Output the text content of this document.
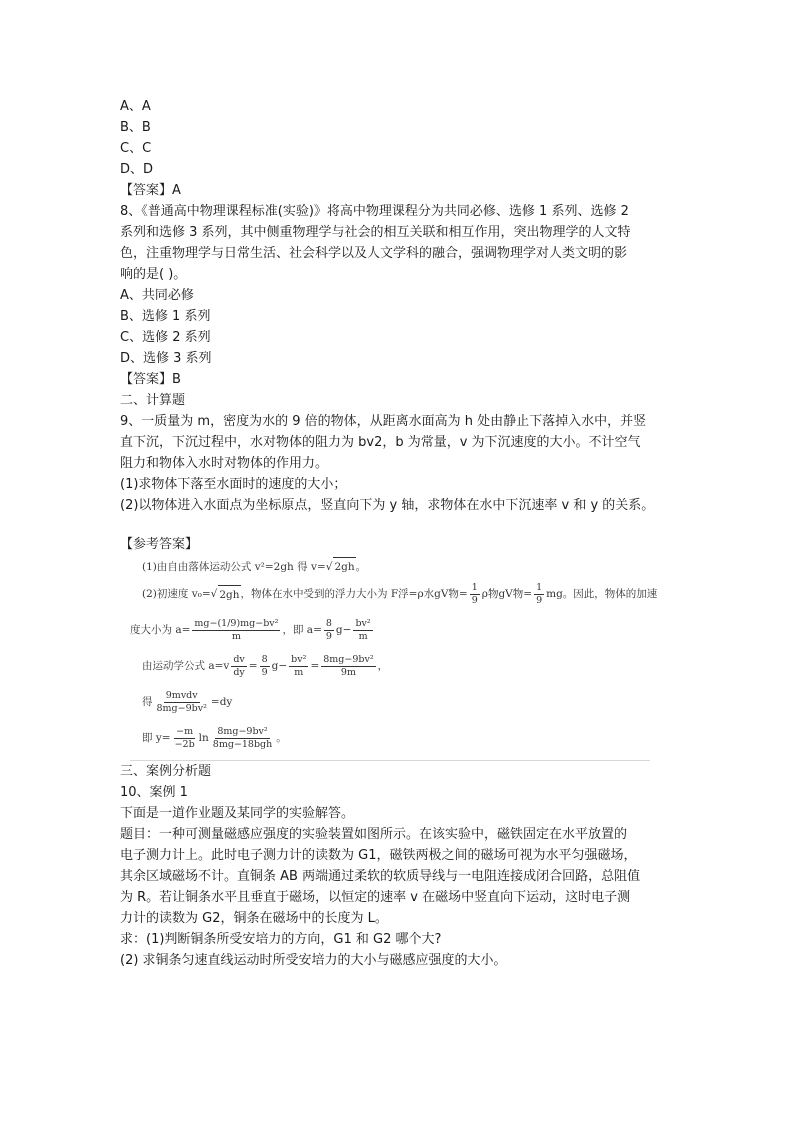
A、A
B、B
C、C
D、D
【答案】A
8、《普通高中物理课程标准(实验)》将高中物理课程分为共同必修、选修 1 系列、选修 2
系列和选修 3 系列，其中侧重物理学与社会的相互关联和相互作用，突出物理学的人文特
色，注重物理学与日常生活、社会科学以及人文学科的融合，强调物理学对人类文明的影
响的是( )。
A、共同必修
B、选修 1 系列
C、选修 2 系列
D、选修 3 系列
【答案】B
二、计算题
9、一质量为 m，密度为水的 9 倍的物体，从距离水面高为 h 处由静止下落掉入水中，并竖
直下沉，下沉过程中，水对物体的阻力为 bv2，b 为常量，v 为下沉速度的大小。不计空气
阻力和物体入水时对物体的作用力。
(1)求物体下落至水面时的速度的大小；
(2)以物体进入水面点为坐标原点，竖直向下为 y 轴，求物体在水中下沉速率 v 和 y 的关系。
【参考答案】
(1)由自由落体运动公式 v²=2gh 得 v= √ 2gh 。
(2)初速度 v₀= √ 2gh ，物体在水中受到的浮力大小为 F浮=ρ水gV物= $\frac{1}{9}$ ρ物gV物= $\frac{1}{9}$ mg。因此，物体的加速
度大小为 $a= \frac{\text{mg−(1/9)mg−bv²}}{m}$ ，即 $a= \frac{8}{9} g- \frac{\text{bv²}}{m}$
由运动学公式 $a=v \frac{dv}{dy} = \frac{8}{9} g- \frac{\text{bv²}}{m} = \frac{\text{8mg−9bv²}}{9m}$ ，
得 $\frac{\text{9mvdv}}{\text{8mg−9bv²}} =dy$
即 $y= \frac{-m}{-2b}$ $\ln \frac{\text{8mg−9bv²}}{\text{8mg−18bgh}}$ 。
三、案例分析题
10、案例 1
下面是一道作业题及某同学的实验解答。
题目：一种可测量磁感应强度的实验装置如图所示。在该实验中，磁铁固定在水平放置的
电子测力计上。此时电子测力计的读数为 G1，磁铁两极之间的磁场可视为水平匀强磁场，
其余区域磁场不计。直铜条 AB 两端通过柔软的软质导线与一电阻连接成闭合回路，总阻值
为 R。若让铜条水平且垂直于磁场，以恒定的速率 v 在磁场中竖直向下运动，这时电子测
力计的读数为 G2，铜条在磁场中的长度为 L。
求：(1)判断铜条所受安培力的方向，G1 和 G2 哪个大?
(2) 求铜条匀速直线运动时所受安培力的大小与磁感应强度的大小。
